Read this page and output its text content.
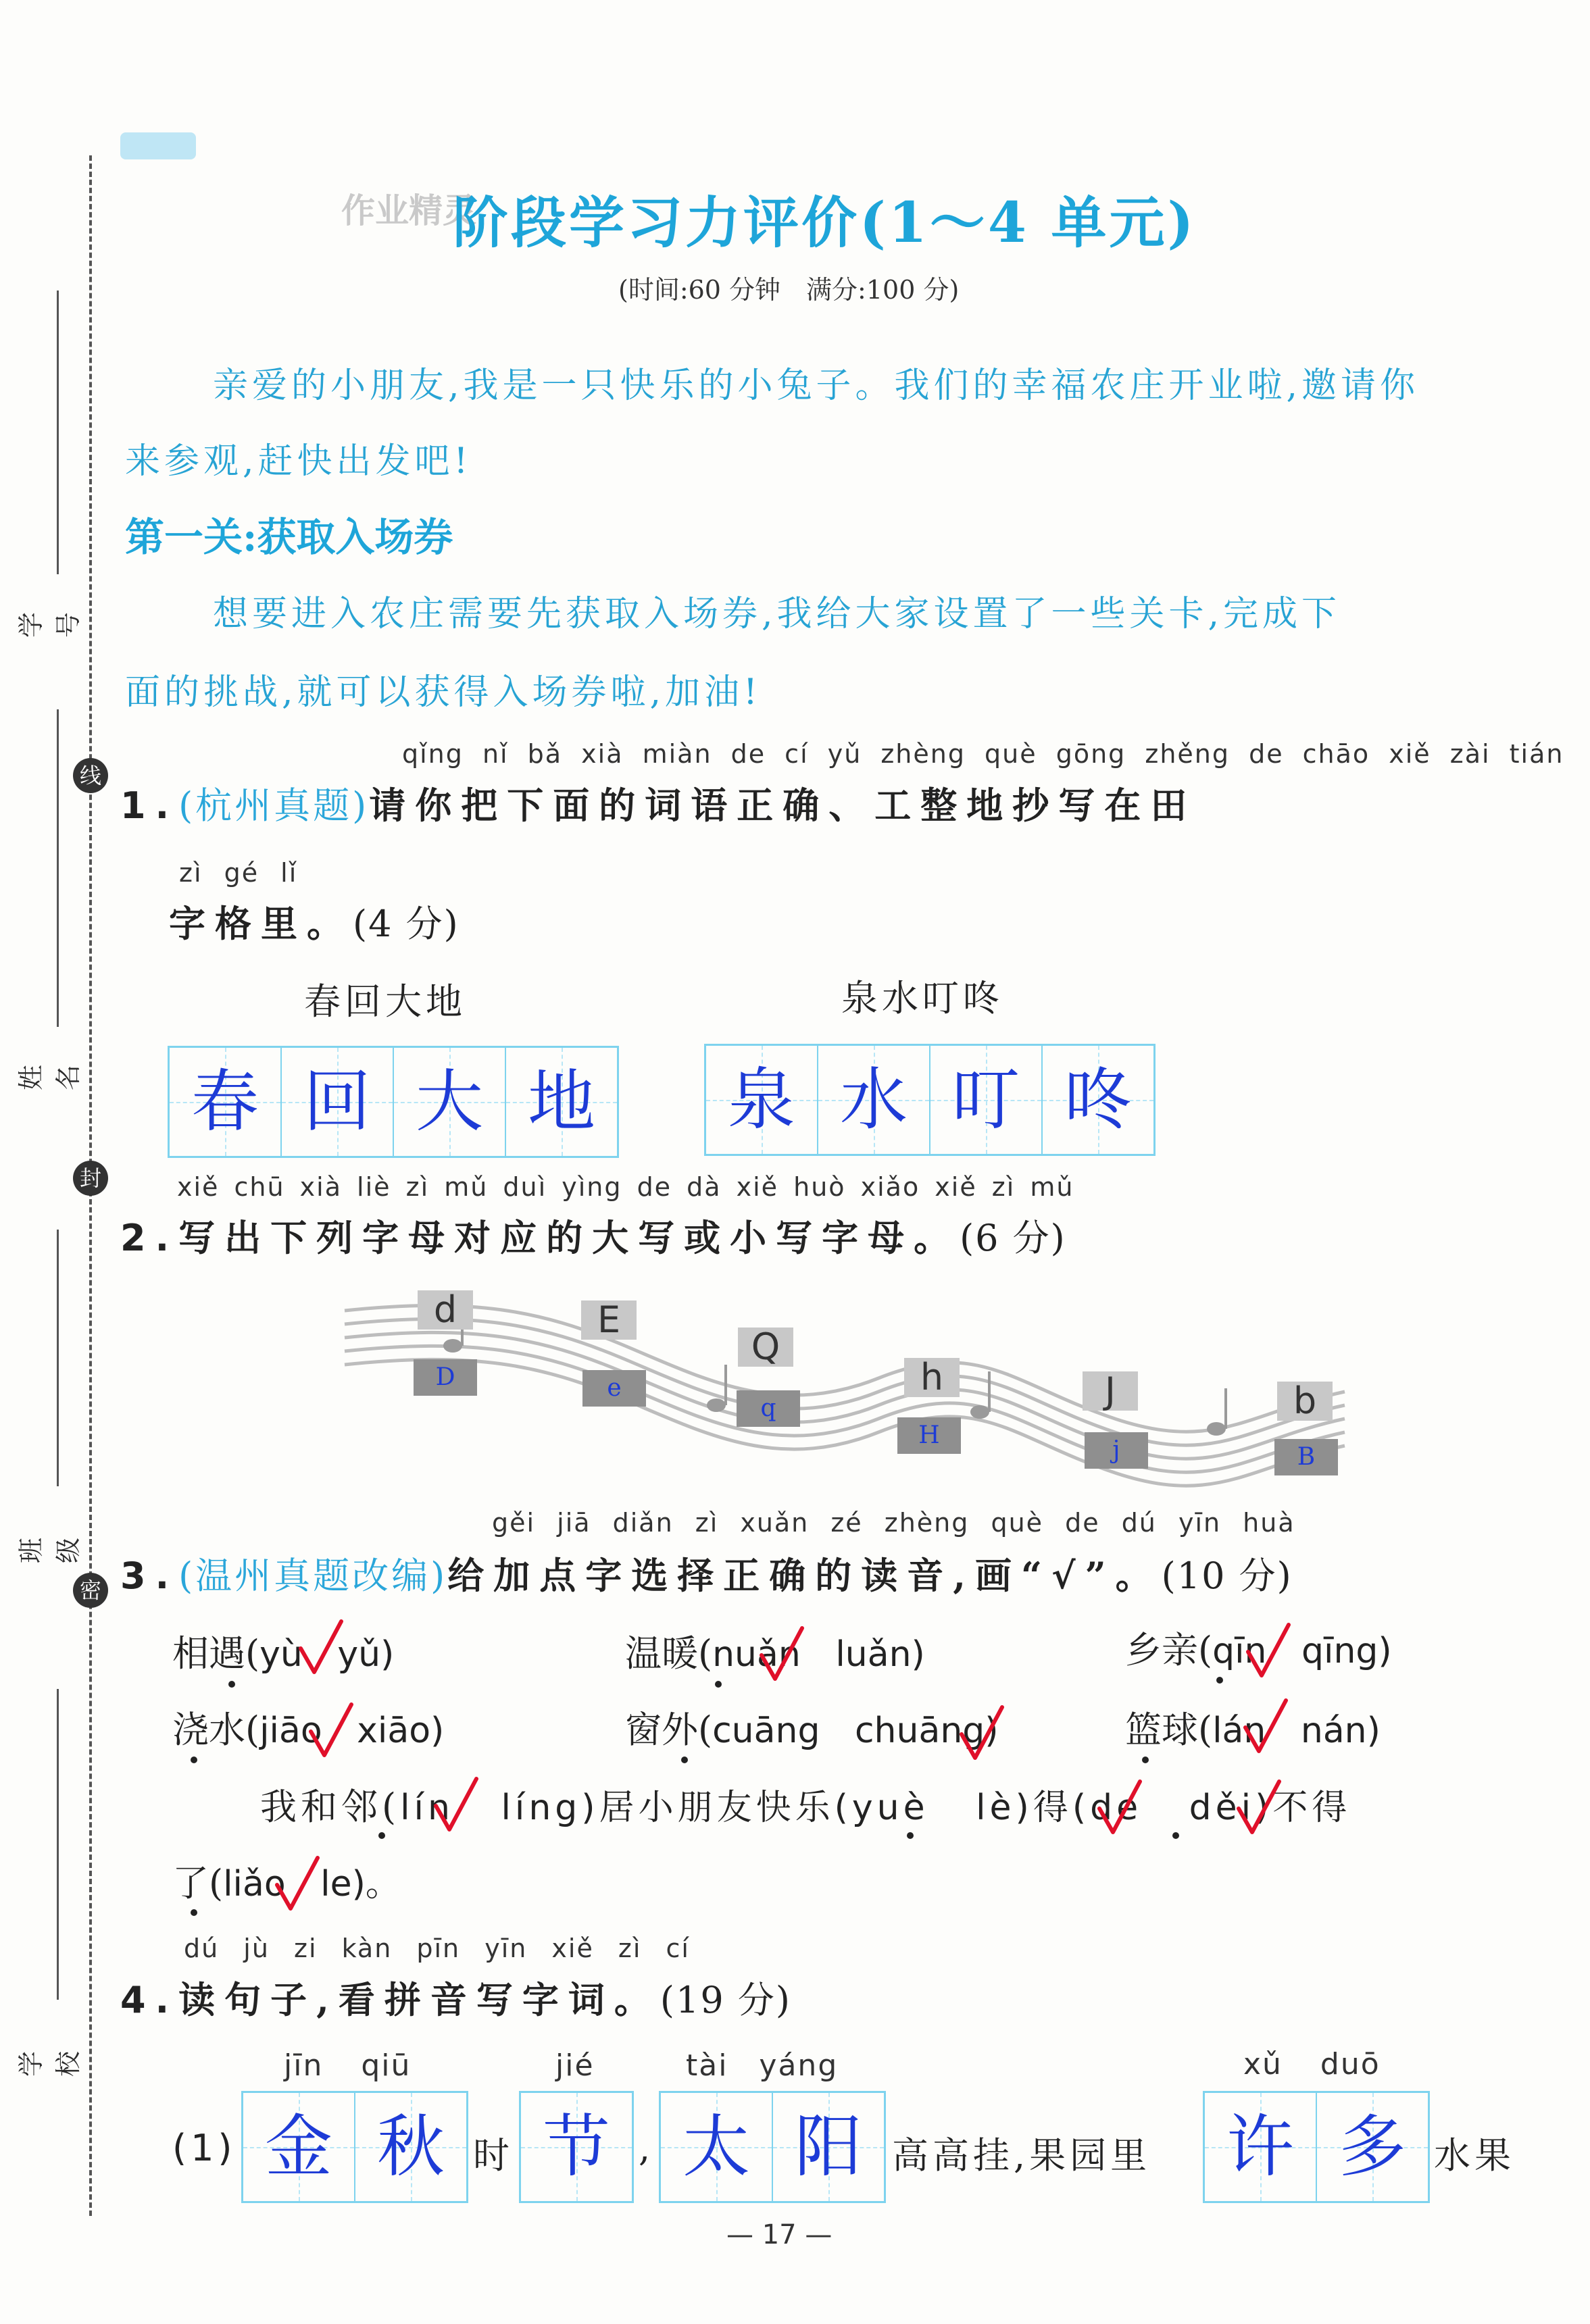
学号
线
姓名
封
班级
密
学校
作业精灵
阶段学习力评价(1～4 单元)
(时间:60 分钟　满分:100 分)
亲爱的小朋友,我是一只快乐的小兔子。我们的幸福农庄开业啦,邀请你
来参观,赶快出发吧!
第一关:获取入场券
想要进入农庄需要先获取入场券,我给大家设置了一些关卡,完成下
面的挑战,就可以获得入场券啦,加油!
qǐng nǐ bǎ xià miàn de cí yǔ zhèng què gōng zhěng de chāo xiě zài tián
1.(杭州真题)请你把下面的词语正确、工整地抄写在田
zì gé lǐ
字格里。(4 分)
春回大地	泉水叮咚
春 回 大 地	泉 水 叮 咚
xiě chū xià liè zì mǔ duì yìng de dà xiě huò xiǎo xiě zì mǔ
2.写出下列字母对应的大写或小写字母。(6 分)
d
D
E
e
Q
q
h
H
J
j
b
B
gěi jiā diǎn zì xuǎn zé zhèng què de dú yīn huà
3.(温州真题改编)给加点字选择正确的读音,画“√”。(10 分)
相遇(yù yǔ)	温暖(nuǎn luǎn)	乡亲(qīn qīng)
浇水(jiāo xiāo)	窗外(cuāng chuāng)	篮球(lán nán)
我和邻(lín líng)居小朋友快乐(yuè lè)得(de děi)不得
了(liǎo le)。
dú jù zi kàn pīn yīn xiě zì cí
4.读句子,看拼音写字词。(19 分)
jīn qiū	jié	tài yáng	xǔ duō
(1) 金 秋 时 节 , 太 阳 高高挂,果园里	许 多 水果
— 17 —
